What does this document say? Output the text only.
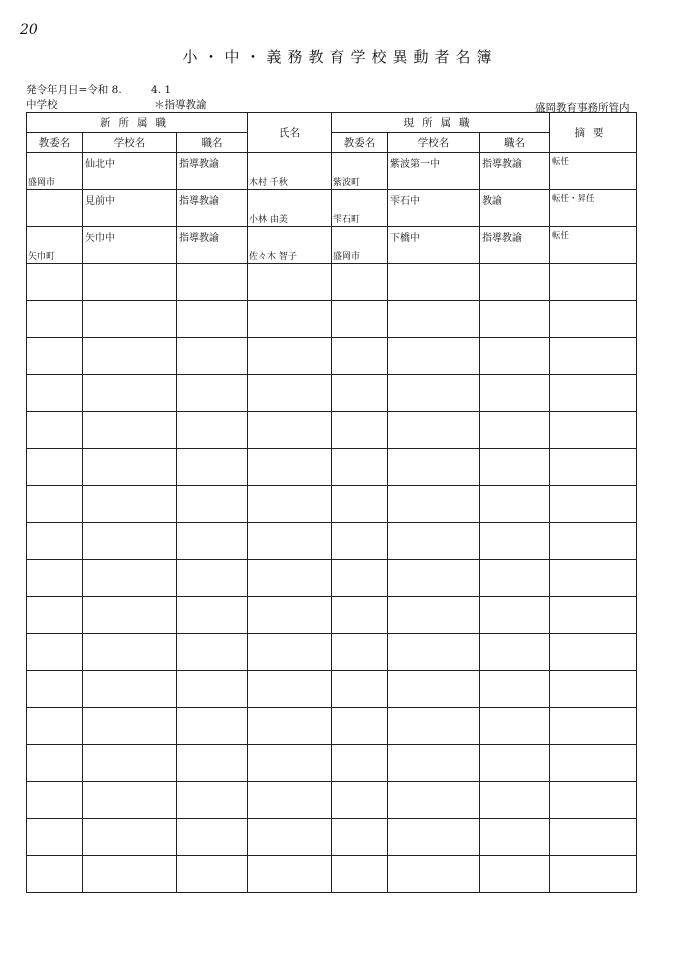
20
小・中・義務教育学校異動者名簿
発令年月日=令和 8.	4. 1
中学校	＊指導教諭	盛岡教育事務所管内
新所属職			氏名	現所属職			摘要
教委名	学校名	職名		教委名	学校名	職名	

盛岡市	仙北中	指導教諭	木村 千秋	紫波町	紫波第一中	指導教諭	転任

	見前中	指導教諭	小林 由美	雫石町	雫石中	教諭	転任・昇任

矢巾町	矢巾中	指導教諭	佐々木 智子	盛岡市	下橋中	指導教諭	転任
